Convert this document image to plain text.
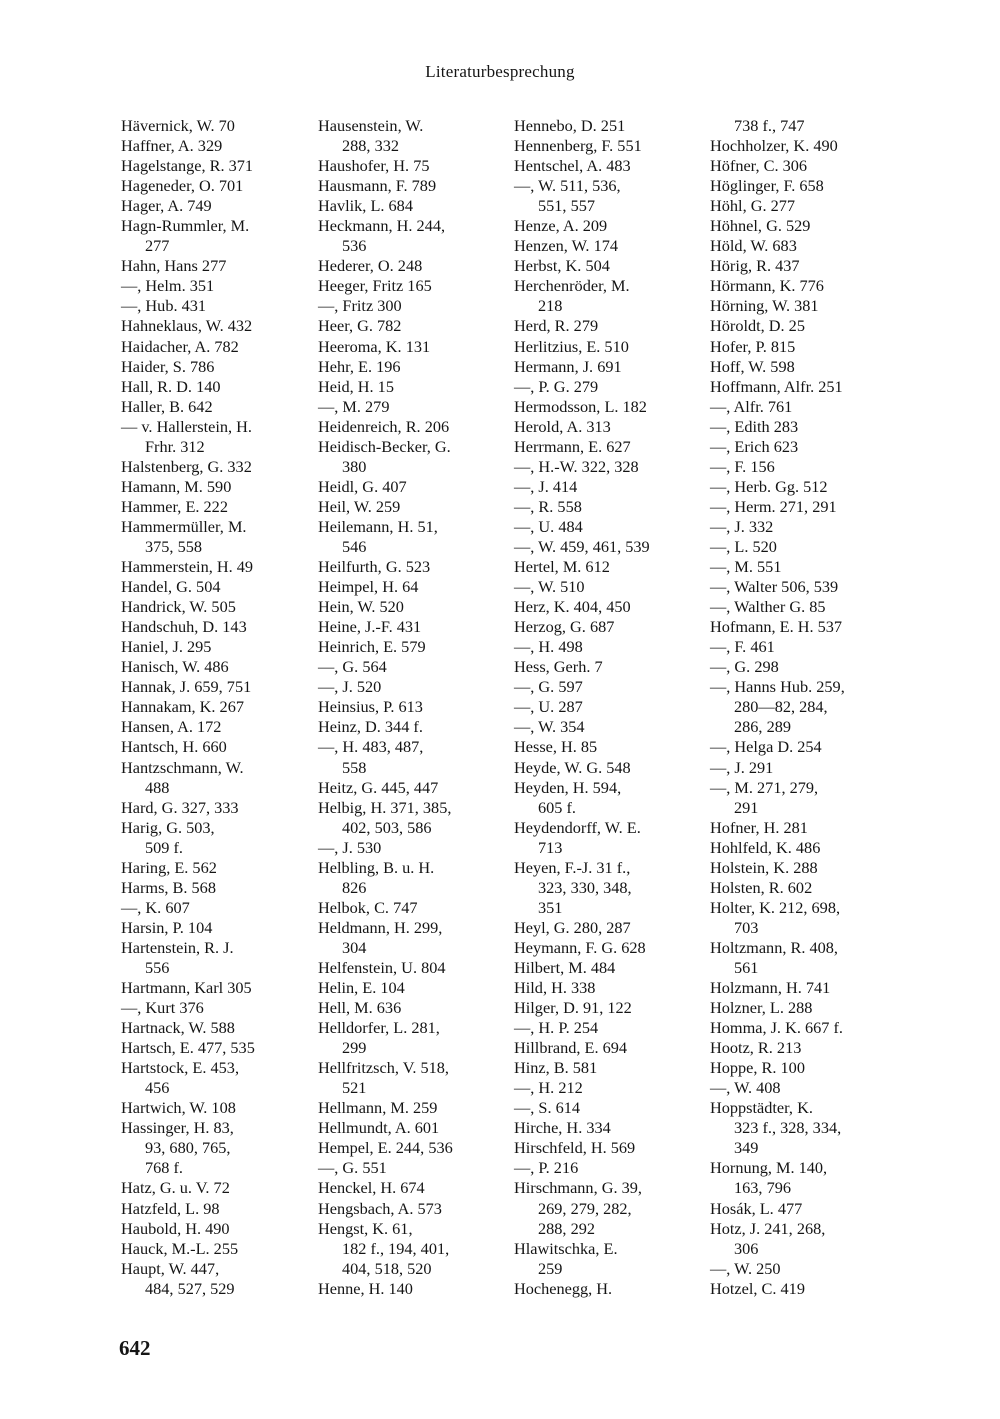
Literaturbesprechung
Hävernick, W. 70
Haffner, A. 329
Hagelstange, R. 371
Hageneder, O. 701
Hager, A. 749
Hagn-Rummler, M.
277
Hahn, Hans 277
—, Helm. 351
—, Hub. 431
Hahneklaus, W. 432
Haidacher, A. 782
Haider, S. 786
Hall, R. D. 140
Haller, B. 642
— v. Hallerstein, H.
Frhr. 312
Halstenberg, G. 332
Hamann, M. 590
Hammer, E. 222
Hammermüller, M.
375, 558
Hammerstein, H. 49
Handel, G. 504
Handrick, W. 505
Handschuh, D. 143
Haniel, J. 295
Hanisch, W. 486
Hannak, J. 659, 751
Hannakam, K. 267
Hansen, A. 172
Hantsch, H. 660
Hantzschmann, W.
488
Hard, G. 327, 333
Harig, G. 503,
509 f.
Haring, E. 562
Harms, B. 568
—, K. 607
Harsin, P. 104
Hartenstein, R. J.
556
Hartmann, Karl 305
—, Kurt 376
Hartnack, W. 588
Hartsch, E. 477, 535
Hartstock, E. 453,
456
Hartwich, W. 108
Hassinger, H. 83,
93, 680, 765,
768 f.
Hatz, G. u. V. 72
Hatzfeld, L. 98
Haubold, H. 490
Hauck, M.-L. 255
Haupt, W. 447,
484, 527, 529
Hausenstein, W.
288, 332
Haushofer, H. 75
Hausmann, F. 789
Havlik, L. 684
Heckmann, H. 244,
536
Hederer, O. 248
Heeger, Fritz 165
—, Fritz 300
Heer, G. 782
Heeroma, K. 131
Hehr, E. 196
Heid, H. 15
—, M. 279
Heidenreich, R. 206
Heidisch-Becker, G.
380
Heidl, G. 407
Heil, W. 259
Heilemann, H. 51,
546
Heilfurth, G. 523
Heimpel, H. 64
Hein, W. 520
Heine, J.-F. 431
Heinrich, E. 579
—, G. 564
—, J. 520
Heinsius, P. 613
Heinz, D. 344 f.
—, H. 483, 487,
558
Heitz, G. 445, 447
Helbig, H. 371, 385,
402, 503, 586
—, J. 530
Helbling, B. u. H.
826
Helbok, C. 747
Heldmann, H. 299,
304
Helfenstein, U. 804
Helin, E. 104
Hell, M. 636
Helldorfer, L. 281,
299
Hellfritzsch, V. 518,
521
Hellmann, M. 259
Hellmundt, A. 601
Hempel, E. 244, 536
—, G. 551
Henckel, H. 674
Hengsbach, A. 573
Hengst, K. 61,
182 f., 194, 401,
404, 518, 520
Henne, H. 140
Hennebo, D. 251
Hennenberg, F. 551
Hentschel, A. 483
—, W. 511, 536,
551, 557
Henze, A. 209
Henzen, W. 174
Herbst, K. 504
Herchenröder, M.
218
Herd, R. 279
Herlitzius, E. 510
Hermann, J. 691
—, P. G. 279
Hermodsson, L. 182
Herold, A. 313
Herrmann, E. 627
—, H.-W. 322, 328
—, J. 414
—, R. 558
—, U. 484
—, W. 459, 461, 539
Hertel, M. 612
—, W. 510
Herz, K. 404, 450
Herzog, G. 687
—, H. 498
Hess, Gerh. 7
—, G. 597
—, U. 287
—, W. 354
Hesse, H. 85
Heyde, W. G. 548
Heyden, H. 594,
605 f.
Heydendorff, W. E.
713
Heyen, F.-J. 31 f.,
323, 330, 348,
351
Heyl, G. 280, 287
Heymann, F. G. 628
Hilbert, M. 484
Hild, H. 338
Hilger, D. 91, 122
—, H. P. 254
Hillbrand, E. 694
Hinz, B. 581
—, H. 212
—, S. 614
Hirche, H. 334
Hirschfeld, H. 569
—, P. 216
Hirschmann, G. 39,
269, 279, 282,
288, 292
Hlawitschka, E.
259
Hochenegg, H.
738 f., 747
Hochholzer, K. 490
Höfner, C. 306
Höglinger, F. 658
Höhl, G. 277
Höhnel, G. 529
Höld, W. 683
Hörig, R. 437
Hörmann, K. 776
Hörning, W. 381
Höroldt, D. 25
Hofer, P. 815
Hoff, W. 598
Hoffmann, Alfr. 251
—, Alfr. 761
—, Edith 283
—, Erich 623
—, F. 156
—, Herb. Gg. 512
—, Herm. 271, 291
—, J. 332
—, L. 520
—, M. 551
—, Walter 506, 539
—, Walther G. 85
Hofmann, E. H. 537
—, F. 461
—, G. 298
—, Hanns Hub. 259,
280—82, 284,
286, 289
—, Helga D. 254
—, J. 291
—, M. 271, 279,
291
Hofner, H. 281
Hohlfeld, K. 486
Holstein, K. 288
Holsten, R. 602
Holter, K. 212, 698,
703
Holtzmann, R. 408,
561
Holzmann, H. 741
Holzner, L. 288
Homma, J. K. 667 f.
Hootz, R. 213
Hoppe, R. 100
—, W. 408
Hoppstädter, K.
323 f., 328, 334,
349
Hornung, M. 140,
163, 796
Hosák, L. 477
Hotz, J. 241, 268,
306
—, W. 250
Hotzel, C. 419
642
